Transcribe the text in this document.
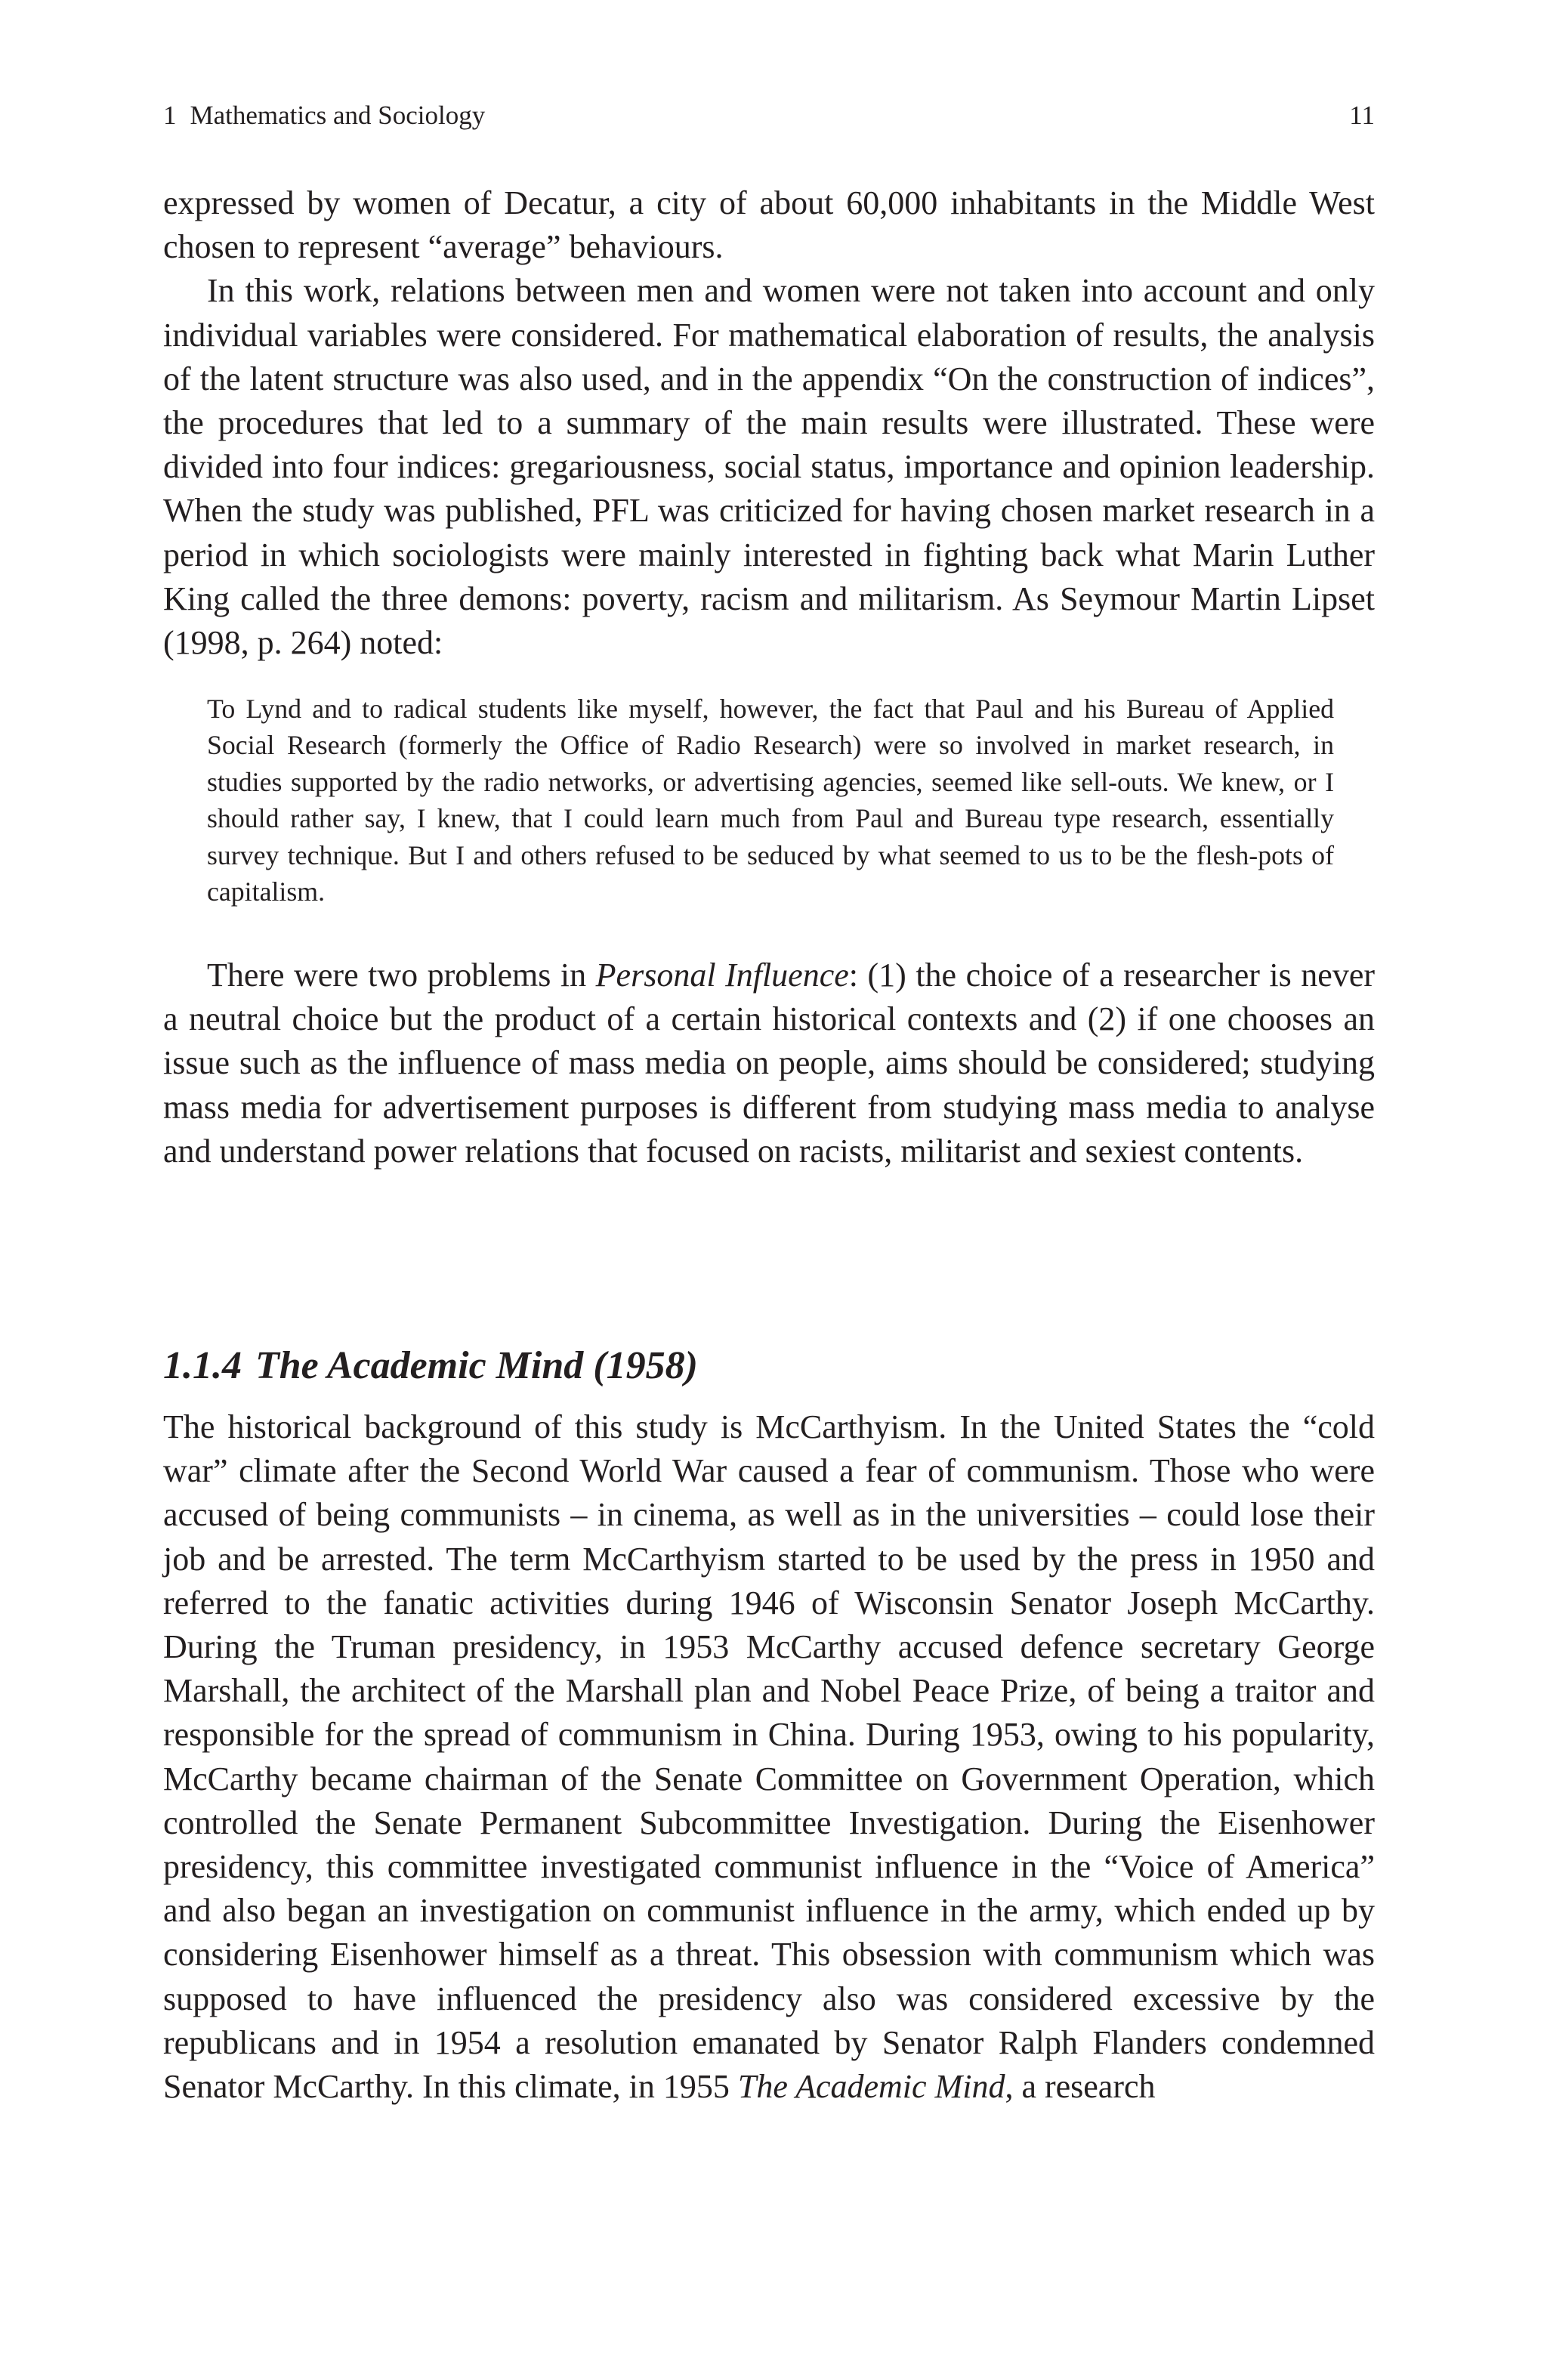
1 Mathematics and Sociology	11

expressed by women of Decatur, a city of about 60,000 inhabitants in the Middle West chosen to represent “average” behaviours.

In this work, relations between men and women were not taken into account and only individual variables were considered. For mathematical elaboration of results, the analysis of the latent structure was also used, and in the appendix “On the construction of indices”, the procedures that led to a summary of the main results were illustrated. These were divided into four indices: gregariousness, social status, importance and opinion leadership. When the study was published, PFL was criticized for having chosen market research in a period in which sociologists were mainly interested in fighting back what Marin Luther King called the three demons: poverty, racism and militarism. As Seymour Martin Lipset (1998, p. 264) noted:

To Lynd and to radical students like myself, however, the fact that Paul and his Bureau of Applied Social Research (formerly the Office of Radio Research) were so involved in market research, in studies supported by the radio networks, or advertising agencies, seemed like sell-outs. We knew, or I should rather say, I knew, that I could learn much from Paul and Bureau type research, essentially survey technique. But I and others refused to be seduced by what seemed to us to be the flesh-pots of capitalism.

There were two problems in Personal Influence: (1) the choice of a researcher is never a neutral choice but the product of a certain historical contexts and (2) if one chooses an issue such as the influence of mass media on people, aims should be considered; studying mass media for advertisement purposes is different from studying mass media to analyse and understand power relations that focused on racists, militarist and sexiest contents.

1.1.4 The Academic Mind (1958)

The historical background of this study is McCarthyism. In the United States the “cold war” climate after the Second World War caused a fear of communism. Those who were accused of being communists – in cinema, as well as in the universities – could lose their job and be arrested. The term McCarthyism started to be used by the press in 1950 and referred to the fanatic activities during 1946 of Wisconsin Senator Joseph McCarthy. During the Truman presidency, in 1953 McCarthy accused defence secretary George Marshall, the architect of the Marshall plan and Nobel Peace Prize, of being a traitor and responsible for the spread of communism in China. During 1953, owing to his popularity, McCarthy became chairman of the Senate Committee on Government Operation, which controlled the Senate Permanent Subcommittee Investigation. During the Eisenhower presidency, this committee investigated communist influence in the “Voice of America” and also began an investigation on communist influence in the army, which ended up by considering Eisenhower himself as a threat. This obsession with communism which was supposed to have influenced the presidency also was considered excessive by the republicans and in 1954 a resolution emanated by Senator Ralph Flanders condemned Senator McCarthy. In this climate, in 1955 The Academic Mind, a research
